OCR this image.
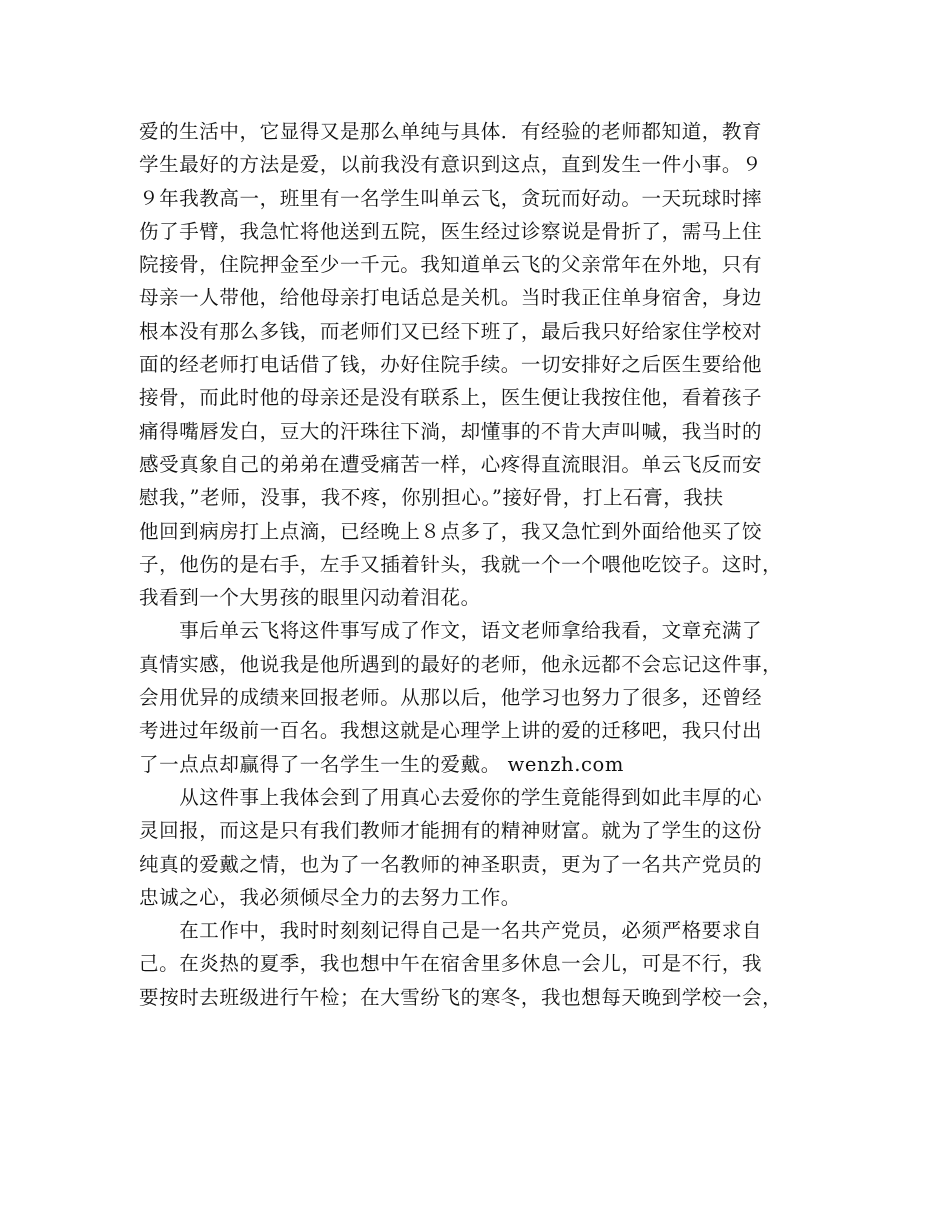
爱的生活中，它显得又是那么单纯与具体．有经验的老师都知道，教育
学生最好的方法是爱，以前我没有意识到这点，直到发生一件小事。９
９年我教高一，班里有一名学生叫单云飞，贪玩而好动。一天玩球时摔
伤了手臂，我急忙将他送到五院，医生经过诊察说是骨折了，需马上住
院接骨，住院押金至少一千元。我知道单云飞的父亲常年在外地，只有
母亲一人带他，给他母亲打电话总是关机。当时我正住单身宿舍，身边
根本没有那么多钱，而老师们又已经下班了，最后我只好给家住学校对
面的经老师打电话借了钱，办好住院手续。一切安排好之后医生要给他
接骨，而此时他的母亲还是没有联系上，医生便让我按住他，看着孩子
痛得嘴唇发白，豆大的汗珠往下淌，却懂事的不肯大声叫喊，我当时的
感受真象自己的弟弟在遭受痛苦一样，心疼得直流眼泪。单云飞反而安
慰我，”老师，没事，我不疼，你别担心。”接好骨，打上石膏，我扶
他回到病房打上点滴，已经晚上８点多了，我又急忙到外面给他买了饺
子，他伤的是右手，左手又插着针头，我就一个一个喂他吃饺子。这时，
我看到一个大男孩的眼里闪动着泪花。
　　事后单云飞将这件事写成了作文，语文老师拿给我看，文章充满了
真情实感，他说我是他所遇到的最好的老师，他永远都不会忘记这件事，
会用优异的成绩来回报老师。从那以后，他学习也努力了很多，还曾经
考进过年级前一百名。我想这就是心理学上讲的爱的迁移吧，我只付出
了一点点却赢得了一名学生一生的爱戴。 wenzh.com
　　从这件事上我体会到了用真心去爱你的学生竟能得到如此丰厚的心
灵回报，而这是只有我们教师才能拥有的精神财富。就为了学生的这份
纯真的爱戴之情，也为了一名教师的神圣职责，更为了一名共产党员的
忠诚之心，我必须倾尽全力的去努力工作。
　　在工作中，我时时刻刻记得自己是一名共产党员，必须严格要求自
己。在炎热的夏季，我也想中午在宿舍里多休息一会儿，可是不行，我
要按时去班级进行午检；在大雪纷飞的寒冬，我也想每天晚到学校一会，
